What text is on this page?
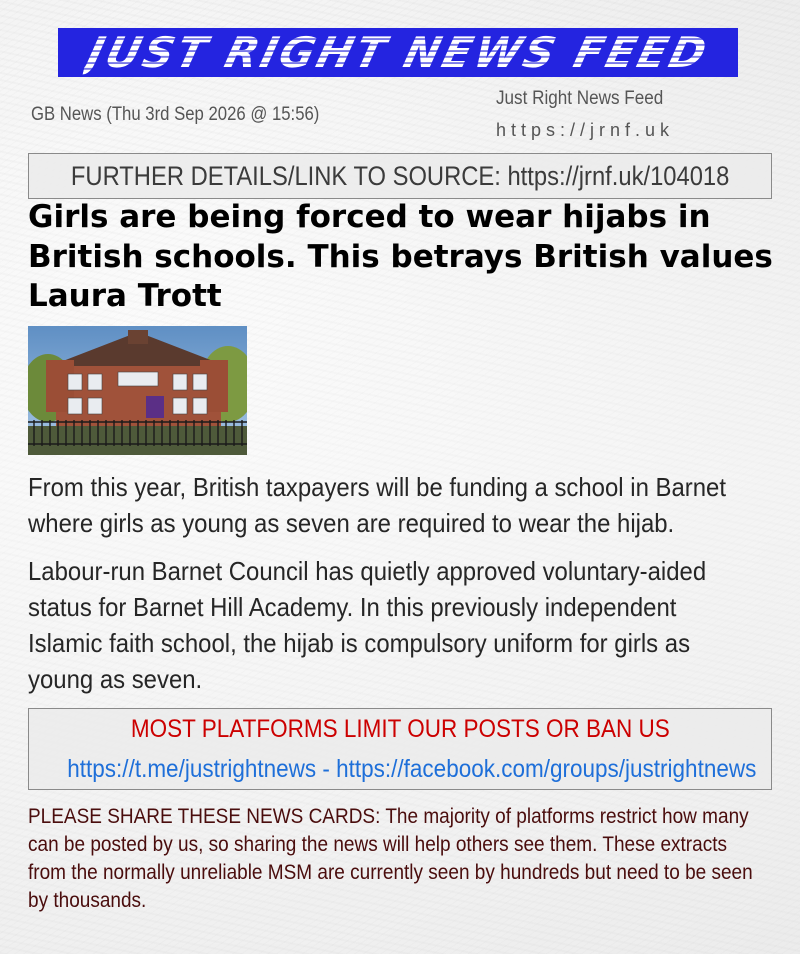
JUST RIGHT NEWS FEED
GB News (Thu 3rd Sep 2026 @ 15:56)
Just Right News Feed
https://jrnf.uk
FURTHER DETAILS/LINK TO SOURCE: https://jrnf.uk/104018
Girls are being forced to wear hijabs in British schools. This betrays British values Laura Trott

From this year, British taxpayers will be funding a school in Barnet where girls as young as seven are required to wear the hijab.

Labour-run Barnet Council has quietly approved voluntary-aided status for Barnet Hill Academy. In this previously independent Islamic faith school, the hijab is compulsory uniform for girls as young as seven.

MOST PLATFORMS LIMIT OUR POSTS OR BAN US
https://t.me/justrightnews - https://facebook.com/groups/justrightnews

PLEASE SHARE THESE NEWS CARDS: The majority of platforms restrict how many can be posted by us, so sharing the news will help others see them. These extracts from the normally unreliable MSM are currently seen by hundreds but need to be seen by thousands.
